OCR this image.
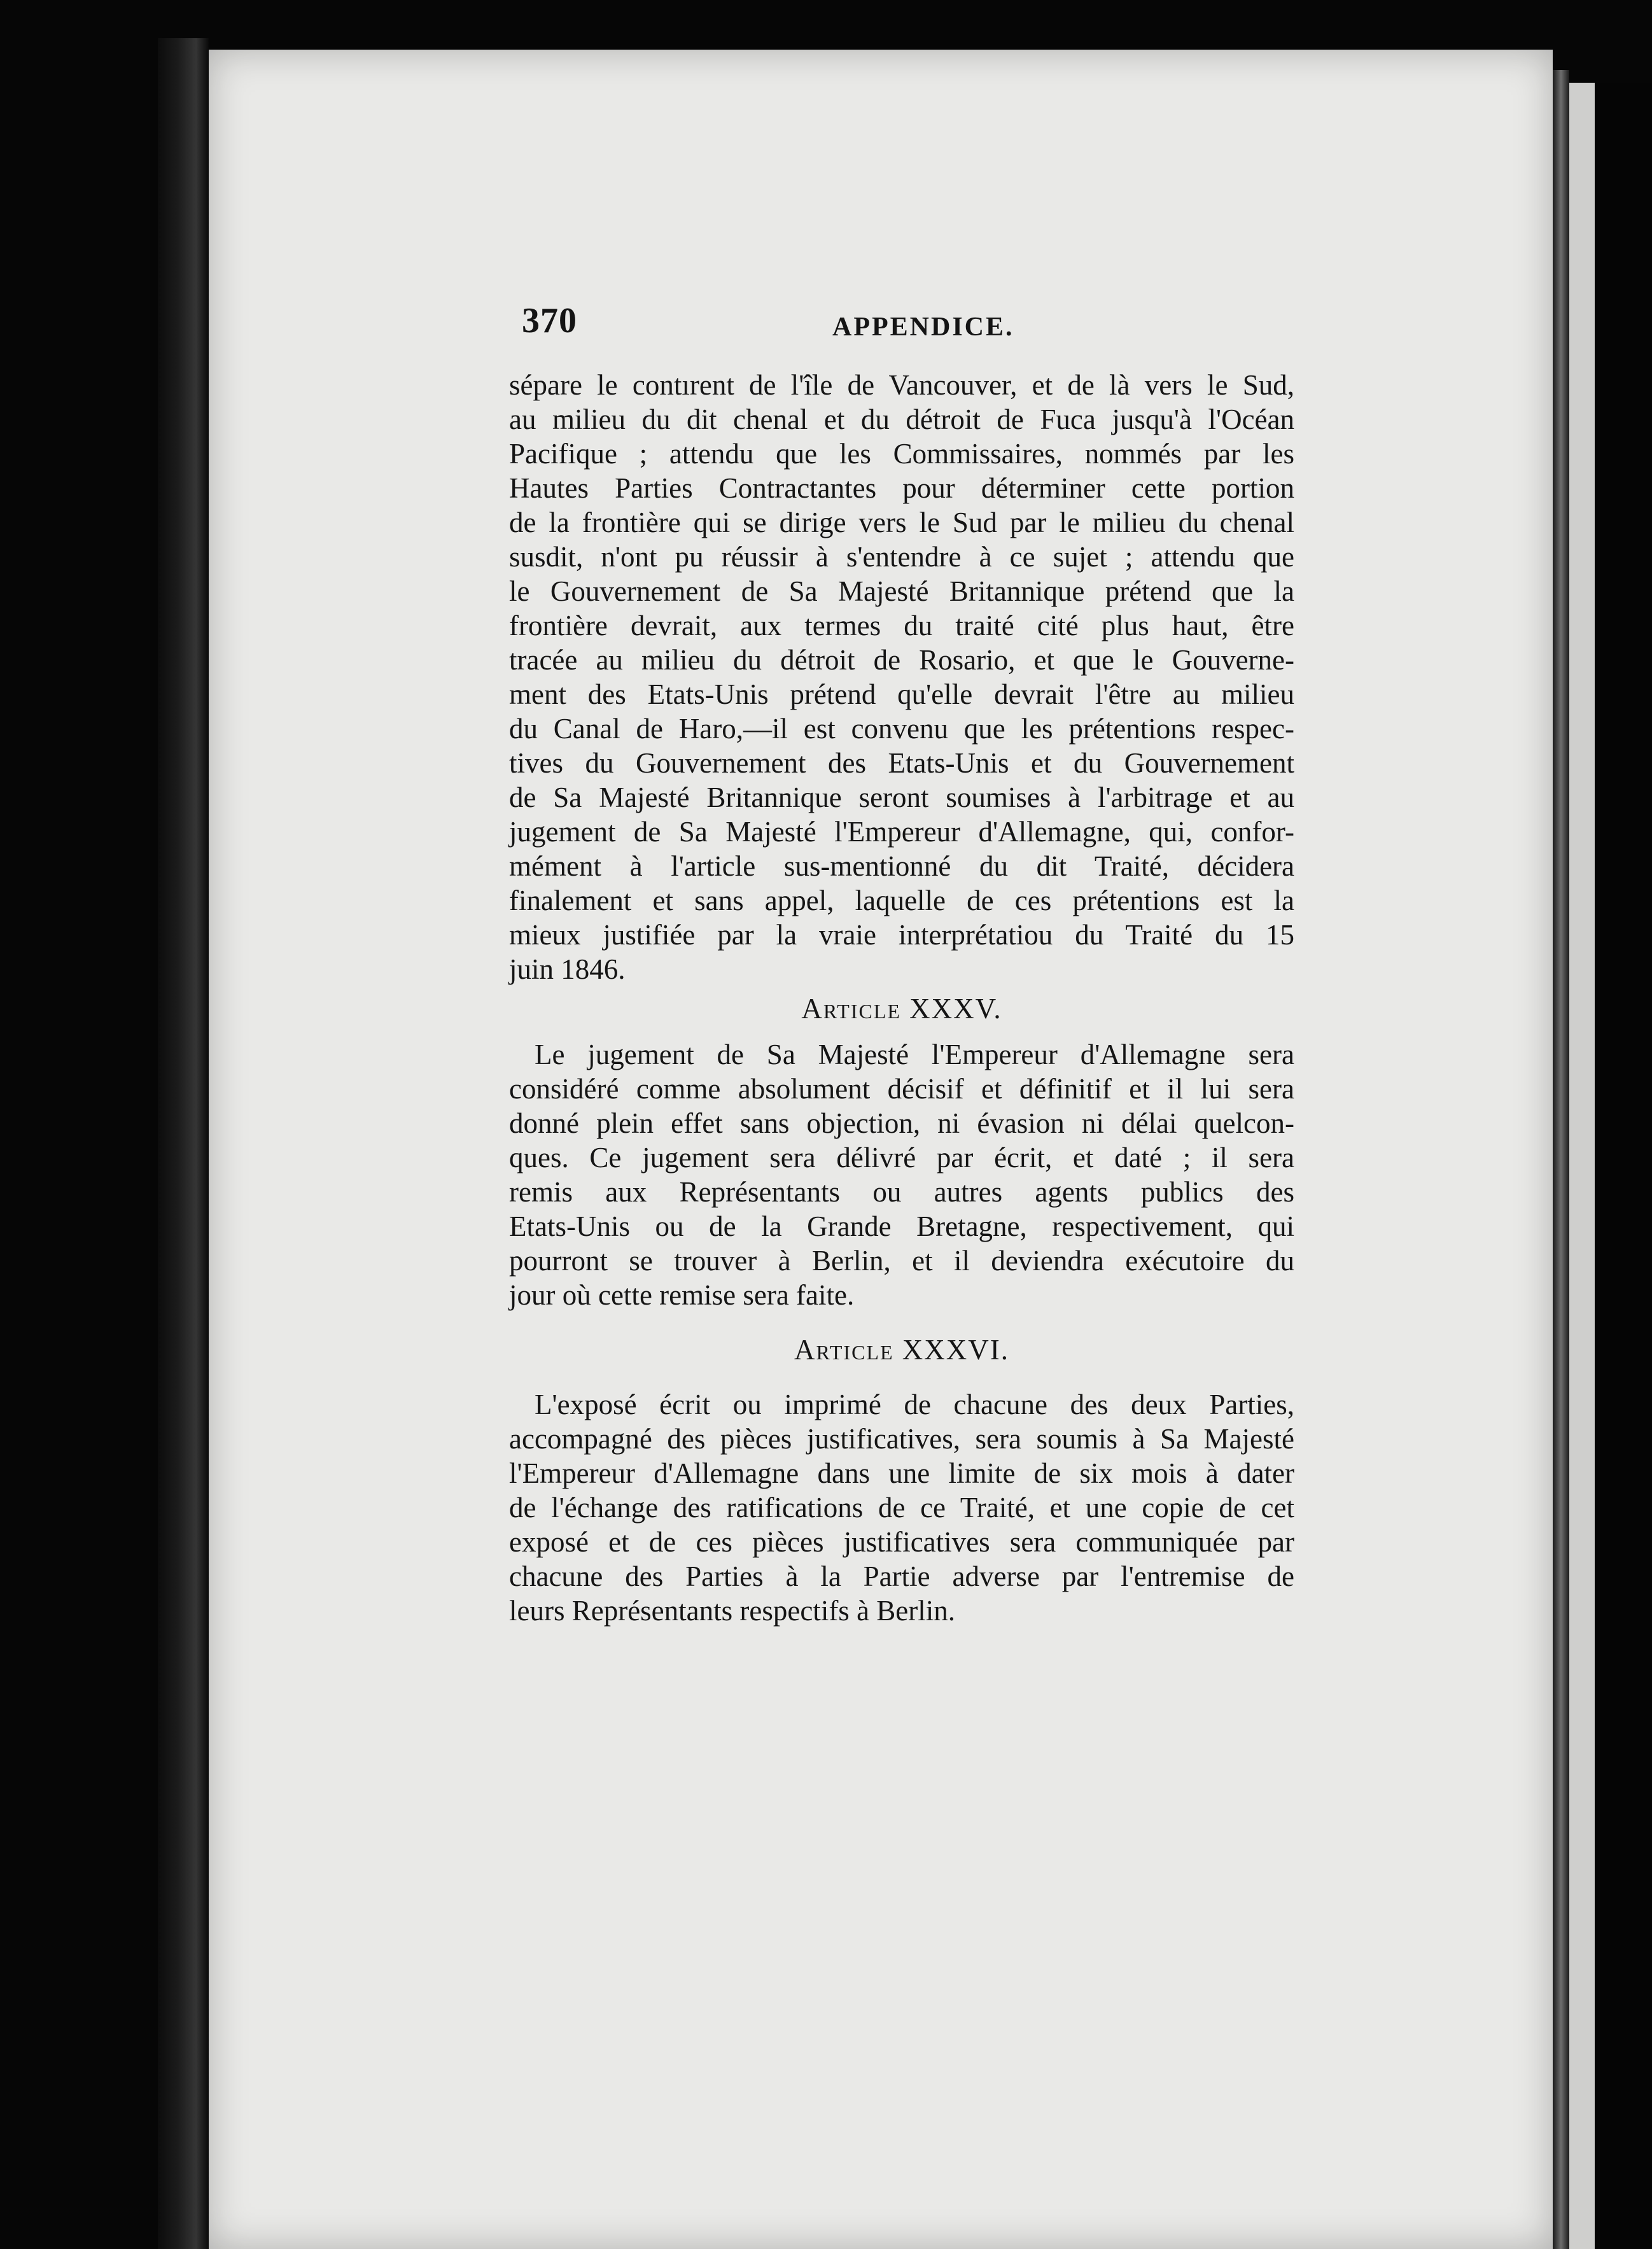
370	APPENDICE.
sépare le contırent de l'île de Vancouver, et de là vers le Sud,
au milieu du dit chenal et du détroit de Fuca jusqu'à l'Océan
Pacifique ; attendu que les Commissaires, nommés par les
Hautes Parties Contractantes pour déterminer cette portion
de la frontière qui se dirige vers le Sud par le milieu du chenal
susdit, n'ont pu réussir à s'entendre à ce sujet ; attendu que
le Gouvernement de Sa Majesté Britannique prétend que la
frontière devrait, aux termes du traité cité plus haut, être
tracée au milieu du détroit de Rosario, et que le Gouverne-
ment des Etats-Unis prétend qu'elle devrait l'être au milieu
du Canal de Haro,—il est convenu que les prétentions respec-
tives du Gouvernement des Etats-Unis et du Gouvernement
de Sa Majesté Britannique seront soumises à l'arbitrage et au
jugement de Sa Majesté l'Empereur d'Allemagne, qui, confor-
mément à l'article sus-mentionné du dit Traité, décidera
finalement et sans appel, laquelle de ces prétentions est la
mieux justifiée par la vraie interprétatiou du Traité du 15
juin 1846.
Article XXXV.
Le jugement de Sa Majesté l'Empereur d'Allemagne sera
considéré comme absolument décisif et définitif et il lui sera
donné plein effet sans objection, ni évasion ni délai quelcon-
ques. Ce jugement sera délivré par écrit, et daté ; il sera
remis aux Représentants ou autres agents publics des
Etats-Unis ou de la Grande Bretagne, respectivement, qui
pourront se trouver à Berlin, et il deviendra exécutoire du
jour où cette remise sera faite.
Article XXXVI.
L'exposé écrit ou imprimé de chacune des deux Parties,
accompagné des pièces justificatives, sera soumis à Sa Majesté
l'Empereur d'Allemagne dans une limite de six mois à dater
de l'échange des ratifications de ce Traité, et une copie de cet
exposé et de ces pièces justificatives sera communiquée par
chacune des Parties à la Partie adverse par l'entremise de
leurs Représentants respectifs à Berlin.
